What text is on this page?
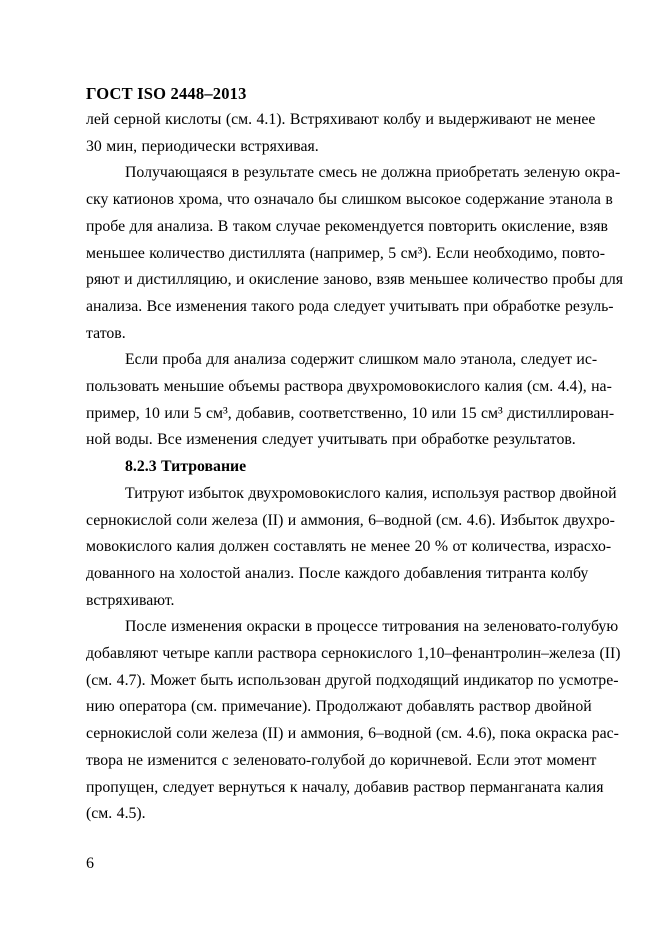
ГОСТ ISO 2448–2013

лей серной кислоты (см. 4.1). Встряхивают колбу и выдерживают не менее
30 мин, периодически встряхивая.

Получающаяся в результате смесь не должна приобретать зеленую окра-
ску катионов хрома, что означало бы слишком высокое содержание этанола в
пробе для анализа. В таком случае рекомендуется повторить окисление, взяв
меньшее количество дистиллята (например, 5 см³). Если необходимо, повто-
ряют и дистилляцию, и окисление заново, взяв меньшее количество пробы для
анализа. Все изменения такого рода следует учитывать при обработке резуль-
татов.

Если проба для анализа содержит слишком мало этанола, следует ис-
пользовать меньшие объемы раствора двухромовокислого калия (см. 4.4), на-
пример, 10 или 5 см³, добавив, соответственно, 10 или 15 см³ дистиллирован-
ной воды. Все изменения следует учитывать при обработке результатов.

8.2.3 Титрование

Титруют избыток двухромовокислого калия, используя раствор двойной
сернокислой соли железа (II) и аммония, 6–водной (см. 4.6). Избыток двухро-
мовокислого калия должен составлять не менее 20 % от количества, израсхо-
дованного на холостой анализ. После каждого добавления титранта колбу
встряхивают.

После изменения окраски в процессе титрования на зеленовато-голубую
добавляют четыре капли раствора сернокислого 1,10–фенантролин–железа (II)
(см. 4.7). Может быть использован другой подходящий индикатор по усмотре-
нию оператора (см. примечание). Продолжают добавлять раствор двойной
сернокислой соли железа (II) и аммония, 6–водной (см. 4.6), пока окраска рас-
твора не изменится с зеленовато-голубой до коричневой. Если этот момент
пропущен, следует вернуться к началу, добавив раствор перманганата калия
(см. 4.5).

6
